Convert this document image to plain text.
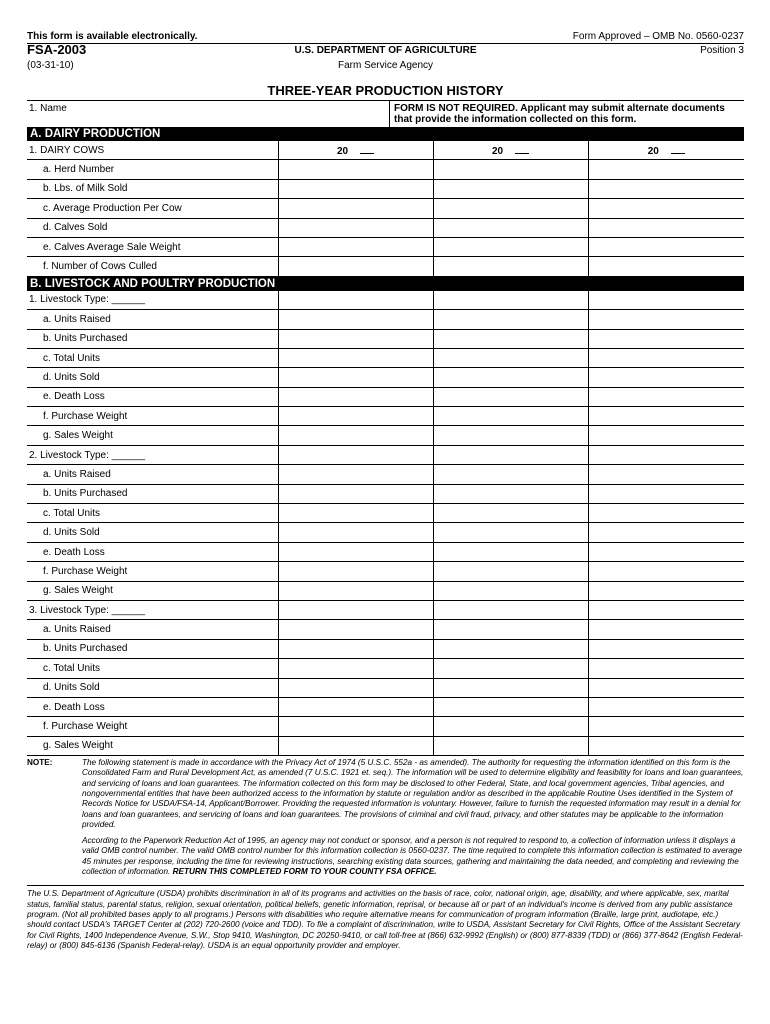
This form is available electronically.	Form Approved – OMB No. 0560-0237
FSA-2003
(03-31-10)
U.S. DEPARTMENT OF AGRICULTURE
Farm Service Agency
Position 3
THREE-YEAR PRODUCTION HISTORY
1. Name	FORM IS NOT REQUIRED. Applicant may submit alternate documents
that provide the information collected on this form.
A. DAIRY PRODUCTION
1. DAIRY COWS	20	20	20
a. Herd Number			
b. Lbs. of Milk Sold			
c. Average Production Per Cow			
d. Calves Sold			
e. Calves Average Sale Weight			
f. Number of Cows Culled			
B. LIVESTOCK AND POULTRY PRODUCTION
1. Livestock Type: ______			
a. Units Raised			
b. Units Purchased			
c. Total Units			
d. Units Sold			
e. Death Loss			
f. Purchase Weight			
g. Sales Weight			
2. Livestock Type: ______			
a. Units Raised			
b. Units Purchased			
c. Total Units			
d. Units Sold			
e. Death Loss			
f. Purchase Weight			
g. Sales Weight			
3. Livestock Type: ______			
a. Units Raised			
b. Units Purchased			
c. Total Units			
d. Units Sold			
e. Death Loss			
f. Purchase Weight			
g. Sales Weight			
NOTE:	The following statement is made in accordance with the Privacy Act of 1974 (5 U.S.C. 552a - as amended). The authority for requesting the information identified on this form is the Consolidated Farm and Rural Development Act, as amended (7 U.S.C. 1921 et. seq.). The information will be used to determine eligibility and feasibility for loans and loan guarantees, and servicing of loans and loan guarantees. The information collected on this form may be disclosed to other Federal, State, and local government agencies, Tribal agencies, and nongovernmental entities that have been authorized access to the information by statute or regulation and/or as described in the applicable Routine Uses identified in the System of Records Notice for USDA/FSA-14, Applicant/Borrower. Providing the requested information is voluntary. However, failure to furnish the requested information may result in a denial for loans and loan guarantees, and servicing of loans and loan guarantees. The provisions of criminal and civil fraud, privacy, and other statutes may be applicable to the information provided.
According to the Paperwork Reduction Act of 1995, an agency may not conduct or sponsor, and a person is not required to respond to, a collection of information unless it displays a valid OMB control number. The valid OMB control number for this information collection is 0560-0237. The time required to complete this information collection is estimated to average 45 minutes per response, including the time for reviewing instructions, searching existing data sources, gathering and maintaining the data needed, and completing and reviewing the collection of information. RETURN THIS COMPLETED FORM TO YOUR COUNTY FSA OFFICE.
The U.S. Department of Agriculture (USDA) prohibits discrimination in all of its programs and activities on the basis of race, color, national origin, age, disability, and where applicable, sex, marital status, familial status, parental status, religion, sexual orientation, political beliefs, genetic information, reprisal, or because all or part of an individual's income is derived from any public assistance program. (Not all prohibited bases apply to all programs.) Persons with disabilities who require alternative means for communication of program information (Braille, large print, audiotape, etc.) should contact USDA's TARGET Center at (202) 720-2600 (voice and TDD). To file a complaint of discrimination, write to USDA, Assistant Secretary for Civil Rights, Office of the Assistant Secretary for Civil Rights, 1400 Independence Avenue, S.W., Stop 9410, Washington, DC 20250-9410, or call toll-free at (866) 632-9992 (English) or (800) 877-8339 (TDD) or (866) 377-8642 (English Federal-relay) or (800) 845-6136 (Spanish Federal-relay). USDA is an equal opportunity provider and employer.
